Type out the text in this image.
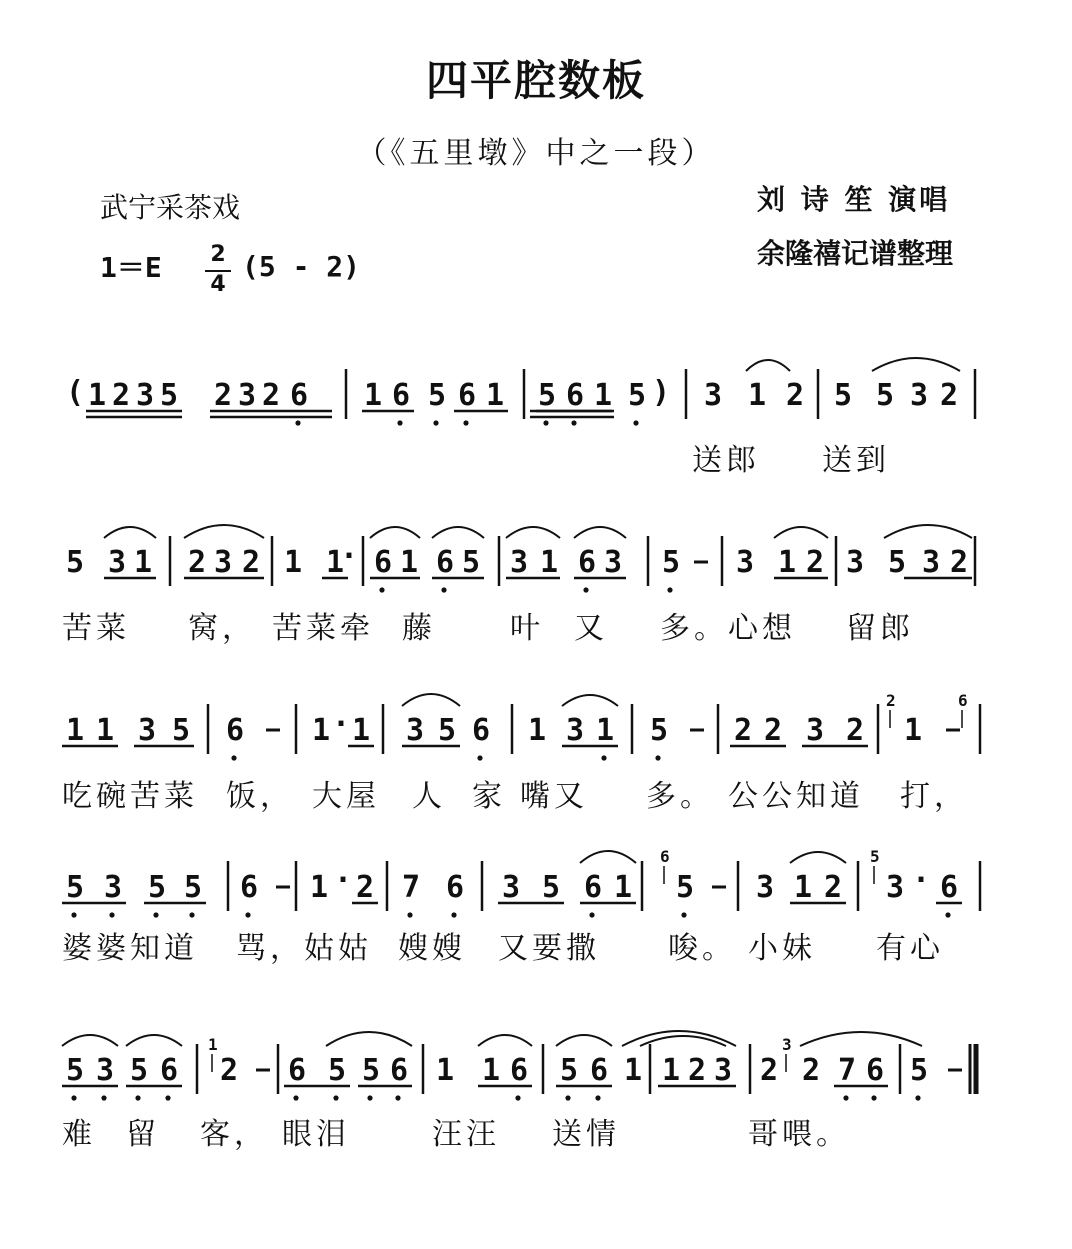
四平腔数板
（《五里墩》中之一段）
武宁采茶戏	刘 诗 笙 演唱
余隆禧记谱整理
1＝E 2
4
(5 - 2)
1 2 3 5 2 3 2 6 1 6 5 6 1 5 6 1 5 3 1 2 5 5 3 2
5 3 1 2 3 2 1 1 6 1 6 5 3 1 6 3 5 3 1 2 3 5 3 2
1 1 3 5 6 1 1 3 5 6 1 3 1 5 2 2 3 2 1
5 3 5 5 6 1 2 7 6 3 5 6 1 5 3 1 2 3 6
5 3 5 6 2 6 5 5 6 1 1 6 5 6 1 1 2 3 2 2 7 6 5
(	)
·
·
·	·
送郎 送到
苦菜 窝， 苦菜牵 藤 叶 又 多。心想 留郎
吃碗苦菜 饭， 大屋 人 家 嘴又 多。 公公知道 打，
婆婆知道 骂， 姑姑 嫂嫂 又要撒 唆。 小妹 有心
难 留 客， 眼泪	汪汪 送情	哥喂。
2	6
6	5
1	3
